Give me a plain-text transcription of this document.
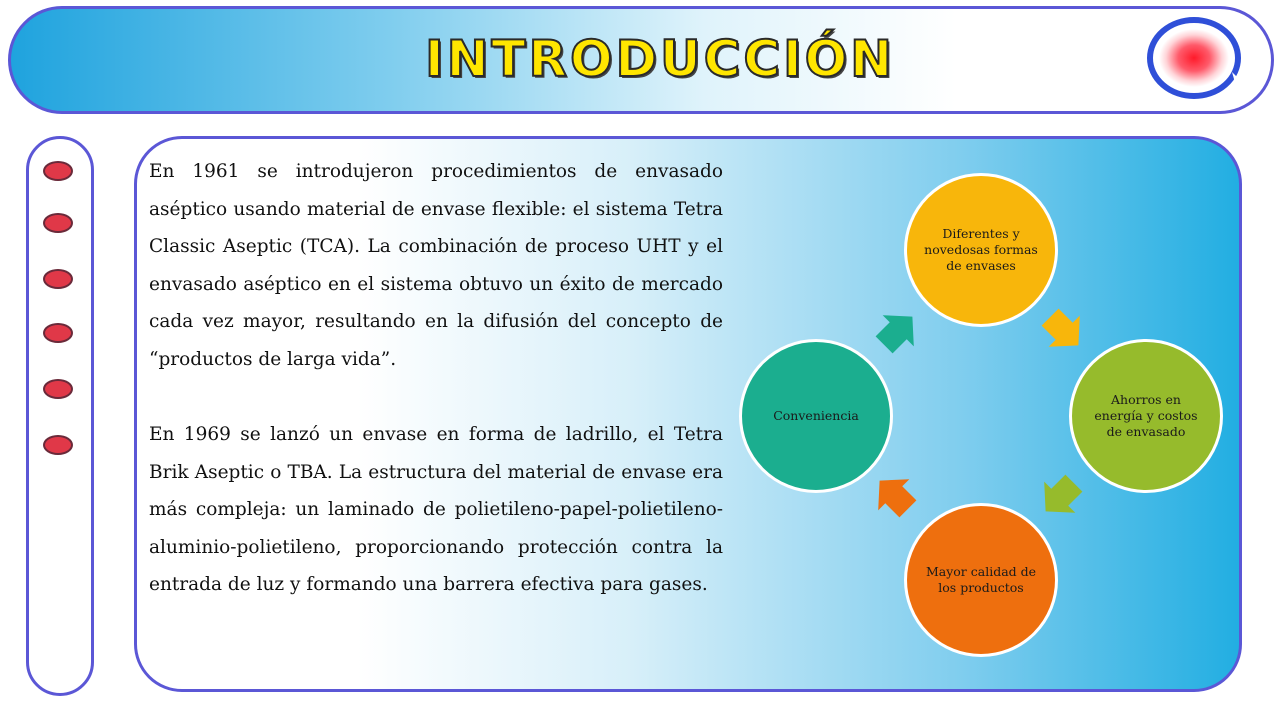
INTRODUCCIÓN

En 1961 se introdujeron procedimientos de envasado aséptico usando material de envase flexible: el sistema Tetra Classic Aseptic (TCA). La combinación de proceso UHT y el envasado aséptico en el sistema obtuvo un éxito de mercado cada vez mayor, resultando en la difusión del concepto de “productos de larga vida”.

En 1969 se lanzó un envase en forma de ladrillo, el Tetra Brik Aseptic o TBA. La estructura del material de envase era más compleja: un laminado de polietileno-papel-polietileno-aluminio-polietileno, proporcionando protección contra la entrada de luz y formando una barrera efectiva para gases.

Diferentes y novedosas formas de envases
Ahorros en energía y costos de envasado
Mayor calidad de los productos
Conveniencia
